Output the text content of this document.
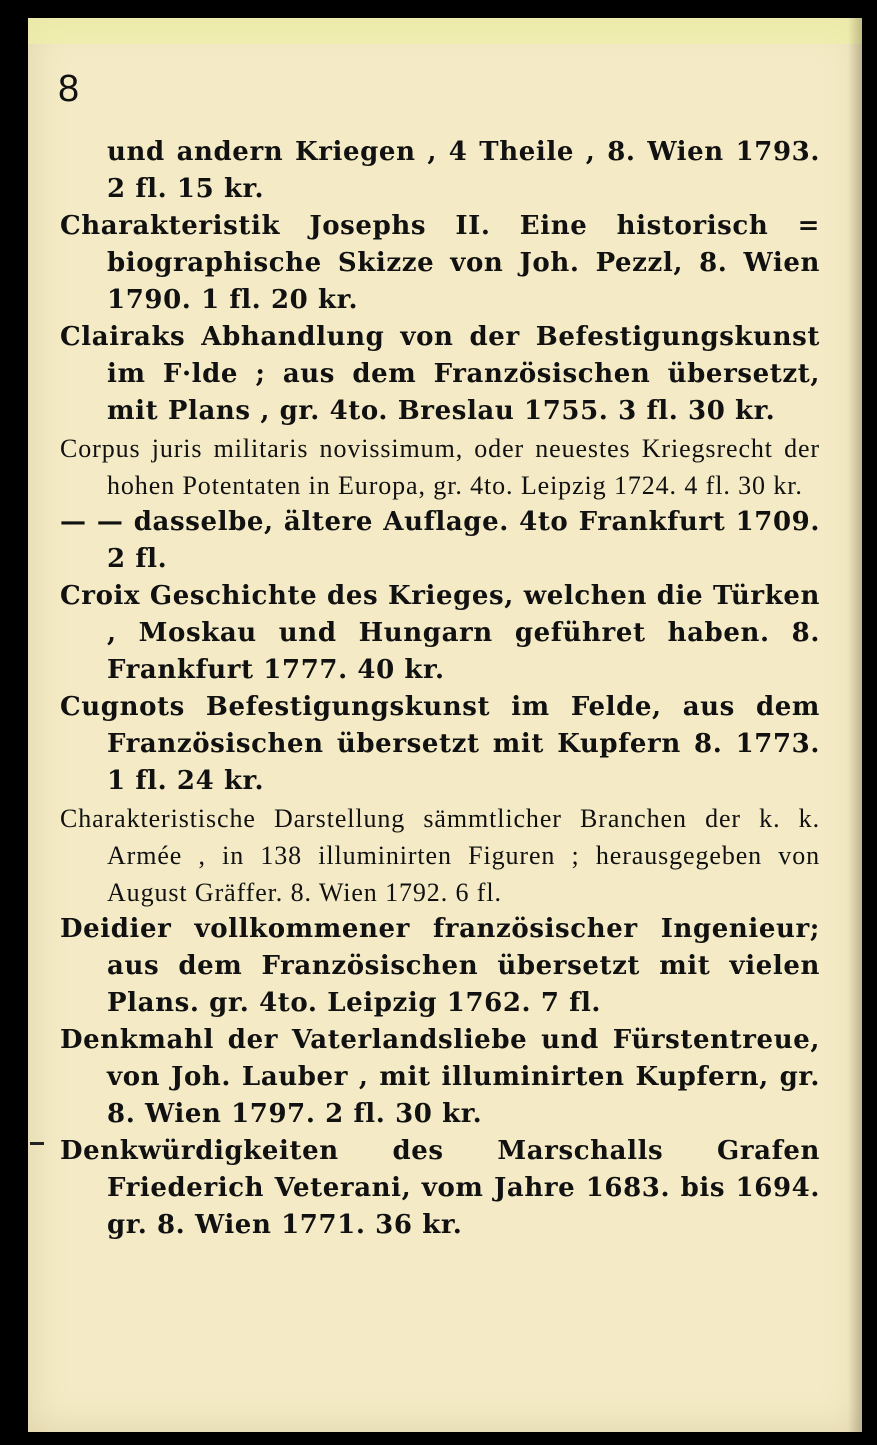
8
und andern Kriegen , 4 Theile , 8. Wien 1793. 2 fl. 15 kr.
Charakteristik Josephs II. Eine historisch = biographische Skizze von Joh. Pezzl, 8. Wien 1790. 1 fl. 20 kr.
Clairaks Abhandlung von der Befestigungskunst im F·lde ; aus dem Französischen übersetzt, mit Plans , gr. 4to. Breslau 1755. 3 fl. 30 kr.
Corpus juris militaris novissimum, oder neuestes Kriegsrecht der hohen Potentaten in Europa, gr. 4to. Leipzig 1724. 4 fl. 30 kr.
— — dasselbe, ältere Auflage. 4to Frankfurt 1709. 2 fl.
Croix Geschichte des Krieges, welchen die Türken , Moskau und Hungarn geführet haben. 8. Frankfurt 1777. 40 kr.
Cugnots Befestigungskunst im Felde, aus dem Französischen übersetzt mit Kupfern 8. 1773. 1 fl. 24 kr.
Charakteristische Darstellung sämmtlicher Branchen der k. k. Armée , in 138 illuminirten Figuren ; herausgegeben von August Gräffer. 8. Wien 1792. 6 fl.
Deidier vollkommener französischer Ingenieur; aus dem Französischen übersetzt mit vielen Plans. gr. 4to. Leipzig 1762. 7 fl.
Denkmahl der Vaterlandsliebe und Fürstentreue, von Joh. Lauber , mit illuminirten Kupfern, gr. 8. Wien 1797. 2 fl. 30 kr.
Denkwürdigkeiten des Marschalls Grafen Friederich Veterani, vom Jahre 1683. bis 1694. gr. 8. Wien 1771. 36 kr.
